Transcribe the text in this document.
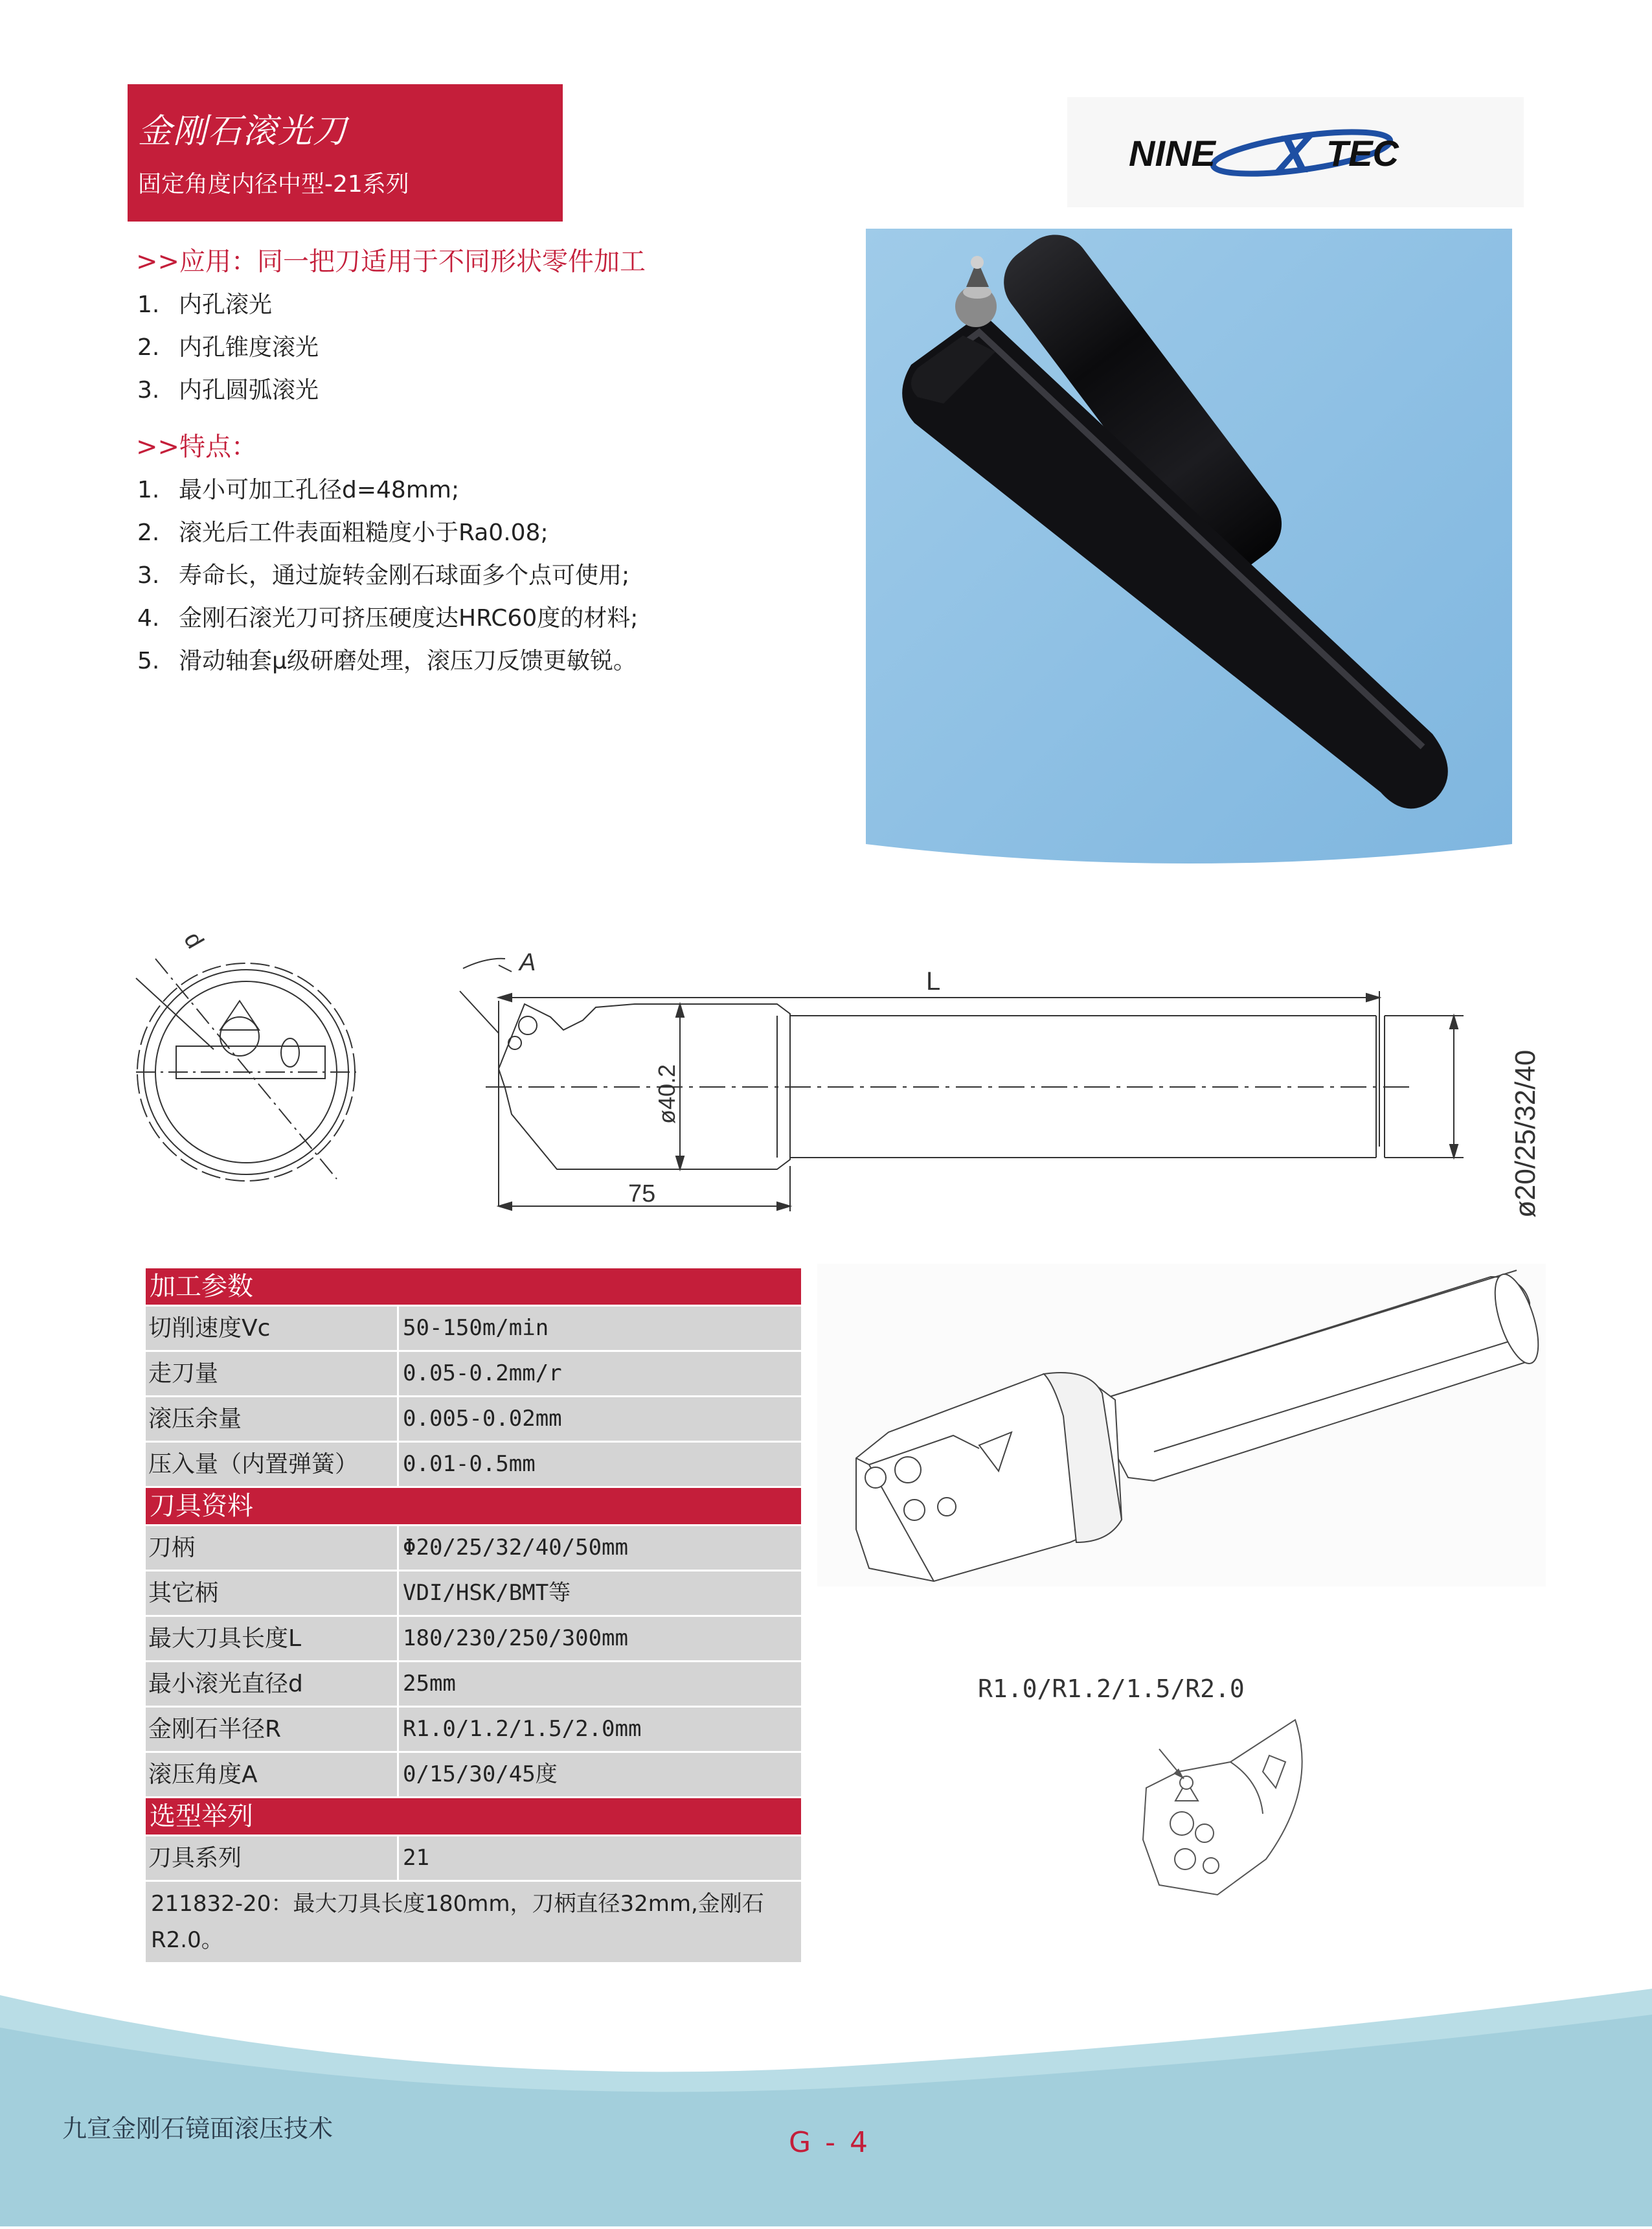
金刚石滚光刀
固定角度内径中型-21系列
NINE X TEC
>>应用：同一把刀适用于不同形状零件加工
1. 内孔滚光
2. 内孔锥度滚光
3. 内孔圆弧滚光
>>特点：
1. 最小可加工孔径d=48mm;
2. 滚光后工件表面粗糙度小于Ra0.08;
3. 寿命长，通过旋转金刚石球面多个点可使用;
4. 金刚石滚光刀可挤压硬度达HRC60度的材料;
5. 滑动轴套μ级研磨处理，滚压刀反馈更敏锐。
d
A
L
ø40.2
75	ø20/25/32/40
加工参数
切削速度Vc	50-150m/min
走刀量	0.05-0.2mm/r
滚压余量	0.005-0.02mm
压入量（内置弹簧）	0.01-0.5mm
刀具资料
刀柄	Φ20/25/32/40/50mm
其它柄	VDI/HSK/BMT等
最大刀具长度L	180/230/250/300mm
最小滚光直径d	25mm
金刚石半径R	R1.0/1.2/1.5/2.0mm
滚压角度A	0/15/30/45度
选型举列
刀具系列	21
211832-20：最大刀具长度180mm，刀柄直径32mm,金刚石R2.0。
R1.0/R1.2/1.5/R2.0
九宣金刚石镜面滚压技术	G - 4
